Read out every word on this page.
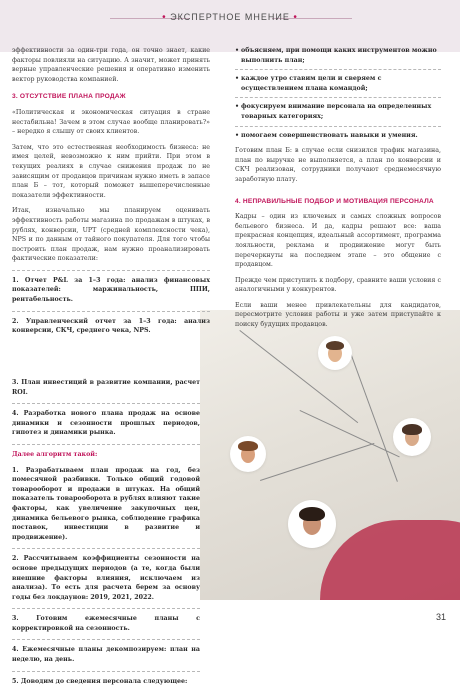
• ЭКСПЕРТНОЕ МНЕНИЕ •

эффективности за один-три года, он точно знает, какие факторы повлияли на ситуацию. А значит, может принять верные управленческие решения и оперативно изменить вектор руководства компанией.

3. ОТСУТСТВИЕ ПЛАНА ПРОДАЖ

«Политическая и экономическая ситуация в стране нестабильна! Зачем в этом случае вообще планировать?» – нередко я слышу от своих клиентов.

Затем, что это естественная необходимость бизнеса: не имея целей, невозможно к ним прийти. При этом в текущих реалиях в случае снижения продаж по не зависящим от продавцов причинам нужно иметь в запасе план Б – тот, который поможет вышеперечисленные показатели эффективности.

Итак, изначально мы планируем оценивать эффективность работы магазина по продажам в штуках, в рублях, конверсии, UPT (средней комплексности чека), NPS и по данным от тайного покупателя. Для того чтобы построить план продаж, нам нужно проанализировать фактические показатели:

1. Отчет P&L за 1–3 года: анализ финансовых показателей: маржинальность, ППИ, рентабельность.

2. Управленческий отчет за 1–3 года: анализ конверсии, СКЧ, среднего чека, NPS.

3. План инвестиций в развитие компании, расчет ROI.

4. Разработка нового плана продаж на основе динамики и сезонности прошлых периодов, гипотез и динамики рынка.

Далее алгоритм такой:

1. Разрабатываем план продаж на год, без помесячной разбивки. Только общий годовой товарооборот и продажи в штуках. На общий показатель товарооборота в рублях влияют такие факторы, как увеличение закупочных цен, динамика бельевого рынка, соблюдение графика поставок, инвестиции в развитие и продвижение).

2. Рассчитываем коэффициенты сезонности на основе предыдущих периодов (а те, когда были внешние факторы влияния, исключаем из анализа). То есть для расчета берем за основу годы без локдаунов: 2019, 2021, 2022.

3. Готовим ежемесячные планы с корректировкой на сезонность.

4. Ежемесячные планы декомпозируем: план на неделю, на день.

5. Доводим до сведения персонала следующее:

• объясняем, при помощи каких инструментов можно выполнить план;
• каждое утро ставим цели и сверяем с осуществлением плана командой;
• фокусируем внимание персонала на определенных товарных категориях;
• помогаем совершенствовать навыки и умения.

Готовим план Б: в случае если снизился трафик магазина, план по выручке не выполняется, а план по конверсии и СКЧ реализован, сотрудники получают среднемесячную заработную плату.

4. НЕПРАВИЛЬНЫЕ ПОДБОР И МОТИВАЦИЯ ПЕРСОНАЛА

Кадры – один из ключевых и самых сложных вопросов бельевого бизнеса. И да, кадры решают все: ваша прекрасная концепция, идеальный ассортимент, программа лояльности, реклама и продвижение могут быть перечеркнуты на последнем этапе – это общение с продавцом.

Прежде чем приступить к подбору, сравните ваши условия с аналогичными у конкурентов.

Если ваши менее привлекательны для кандидатов, пересмотрите условия работы и уже затем приступайте к поиску будущих продавцов.

31
